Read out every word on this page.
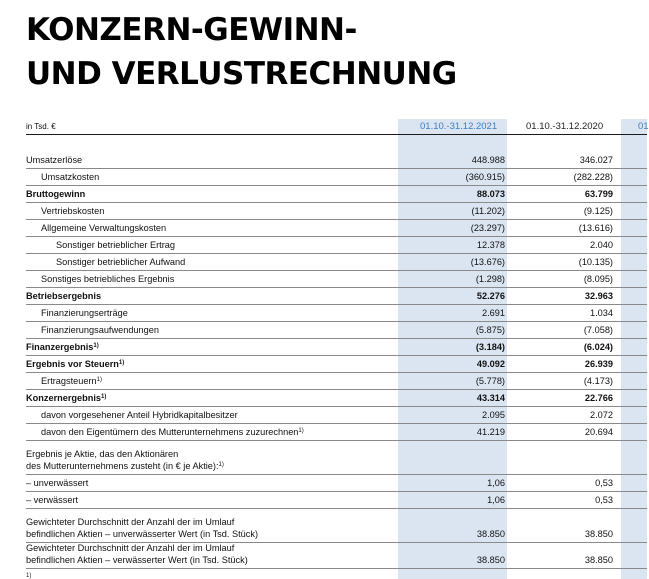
KONZERN-GEWINN-
UND VERLUSTRECHNUNG
in Tsd. €	01.10.-31.12.2021	01.10.-31.12.2020	01
Umsatzerlöse	448.988	346.027
Umsatzkosten	(360.915)	(282.228)
Bruttogewinn	88.073	63.799
Vertriebskosten	(11.202)	(9.125)
Allgemeine Verwaltungskosten	(23.297)	(13.616)
Sonstiger betrieblicher Ertrag	12.378	2.040
Sonstiger betrieblicher Aufwand	(13.676)	(10.135)
Sonstiges betriebliches Ergebnis	(1.298)	(8.095)
Betriebsergebnis	52.276	32.963
Finanzierungserträge	2.691	1.034
Finanzierungsaufwendungen	(5.875)	(7.058)
Finanzergebnis$^{1)}$	(3.184)	(6.024)
Ergebnis vor Steuern$^{1)}$	49.092	26.939
Ertragsteuern$^{1)}$	(5.778)	(4.173)
Konzernergebnis$^{1)}$	43.314	22.766
davon vorgesehener Anteil Hybridkapitalbesitzer	2.095	2.072
davon den Eigentümern des Mutterunternehmens zuzurechnen$^{1)}$	41.219	20.694
Ergebnis je Aktie, das den Aktionären
des Mutterunternehmens zusteht (in € je Aktie):$^{1)}$
– unverwässert	1,06	0,53
– verwässert	1,06	0,53
Gewichteter Durchschnitt der Anzahl der im Umlauf
befindlichen Aktien – unverwässerter Wert (in Tsd. Stück)	38.850	38.850
Gewichteter Durchschnitt der Anzahl der im Umlauf
befindlichen Aktien – verwässerter Wert (in Tsd. Stück)	38.850	38.850
1)
